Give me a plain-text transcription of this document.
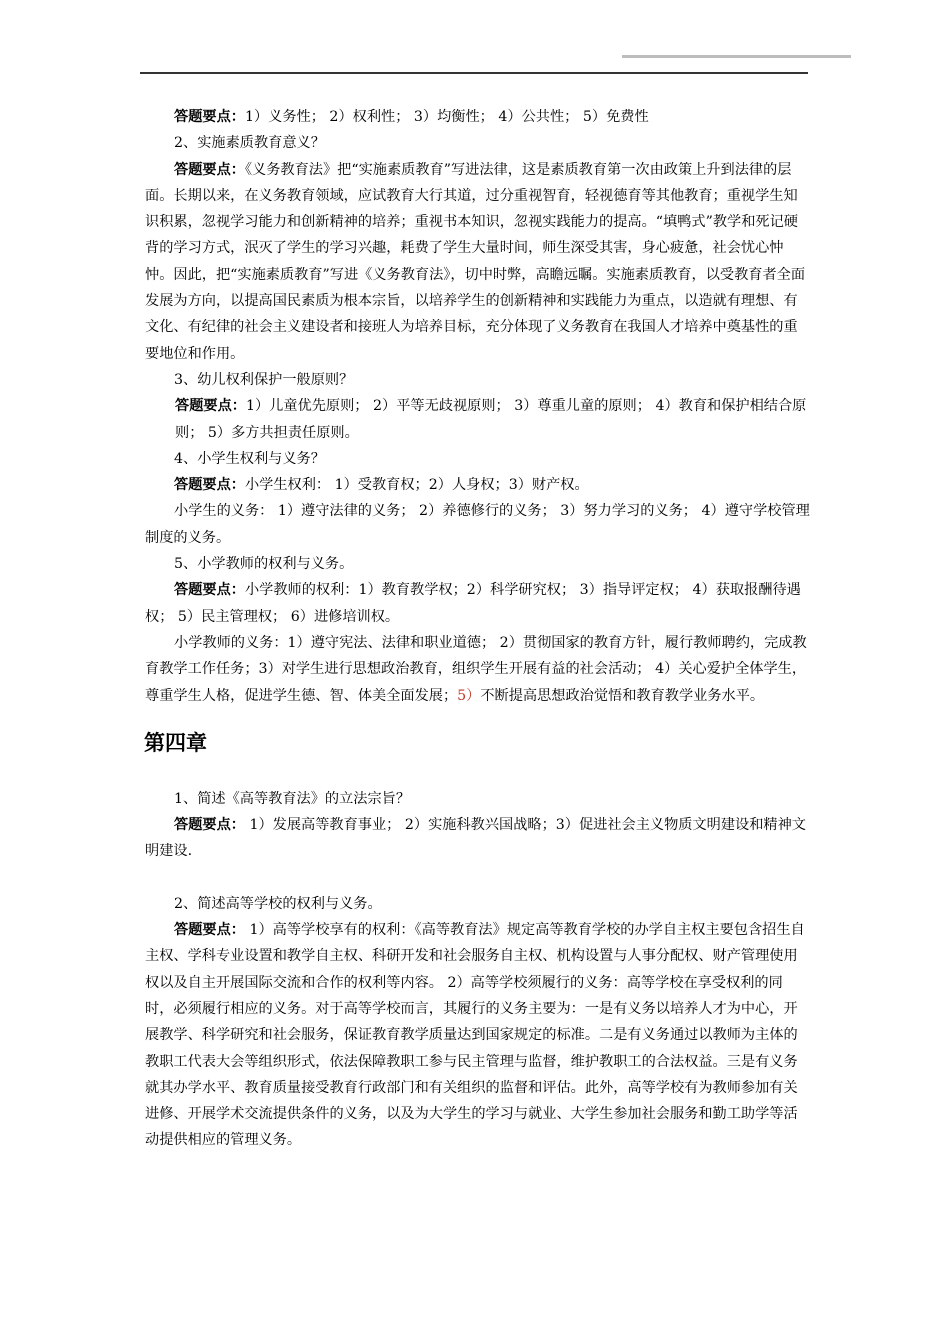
答题要点：1）义务性； 2）权利性； 3）均衡性； 4）公共性； 5）免费性

2、实施素质教育意义？

答题要点：《义务教育法》把“实施素质教育”写进法律，这是素质教育第一次由政策上升到法律的层面。长期以来，在义务教育领域，应试教育大行其道，过分重视智育，轻视德育等其他教育；重视学生知识积累，忽视学习能力和创新精神的培养；重视书本知识，忽视实践能力的提高。“填鸭式”教学和死记硬背的学习方式，泯灭了学生的学习兴趣，耗费了学生大量时间，师生深受其害，身心疲惫，社会忧心忡忡。因此，把“实施素质教育”写进《义务教育法》，切中时弊，高瞻远瞩。实施素质教育，以受教育者全面发展为方向，以提高国民素质为根本宗旨，以培养学生的创新精神和实践能力为重点，以造就有理想、有文化、有纪律的社会主义建设者和接班人为培养目标，充分体现了义务教育在我国人才培养中奠基性的重要地位和作用。

3、幼儿权利保护一般原则？

答题要点：1）儿童优先原则； 2）平等无歧视原则； 3）尊重儿童的原则； 4）教育和保护相结合原则； 5）多方共担责任原则。

4、小学生权利与义务？

答题要点：小学生权利： 1）受教育权；2）人身权；3）财产权。

小学生的义务： 1）遵守法律的义务； 2）养德修行的义务； 3）努力学习的义务； 4）遵守学校管理制度的义务。

5、小学教师的权利与义务。

答题要点：小学教师的权利：1）教育教学权；2）科学研究权； 3）指导评定权； 4）获取报酬待遇权； 5）民主管理权； 6）进修培训权。

小学教师的义务：1）遵守宪法、法律和职业道德； 2）贯彻国家的教育方针，履行教师聘约，完成教育教学工作任务；3）对学生进行思想政治教育，组织学生开展有益的社会活动； 4）关心爱护全体学生，尊重学生人格，促进学生德、智、体美全面发展；5）不断提高思想政治觉悟和教育教学业务水平。

第四章

1、简述《高等教育法》的立法宗旨？

答题要点： 1）发展高等教育事业； 2）实施科教兴国战略；3）促进社会主义物质文明建设和精神文明建设.

2、简述高等学校的权利与义务。

答题要点： 1）高等学校享有的权利：《高等教育法》规定高等教育学校的办学自主权主要包含招生自主权、学科专业设置和教学自主权、科研开发和社会服务自主权、机构设置与人事分配权、财产管理使用权以及自主开展国际交流和合作的权利等内容。 2）高等学校须履行的义务：高等学校在享受权利的同时，必须履行相应的义务。对于高等学校而言，其履行的义务主要为：一是有义务以培养人才为中心，开展教学、科学研究和社会服务，保证教育教学质量达到国家规定的标准。二是有义务通过以教师为主体的教职工代表大会等组织形式，依法保障教职工参与民主管理与监督，维护教职工的合法权益。三是有义务就其办学水平、教育质量接受教育行政部门和有关组织的监督和评估。此外，高等学校有为教师参加有关进修、开展学术交流提供条件的义务，以及为大学生的学习与就业、大学生参加社会服务和勤工助学等活动提供相应的管理义务。
